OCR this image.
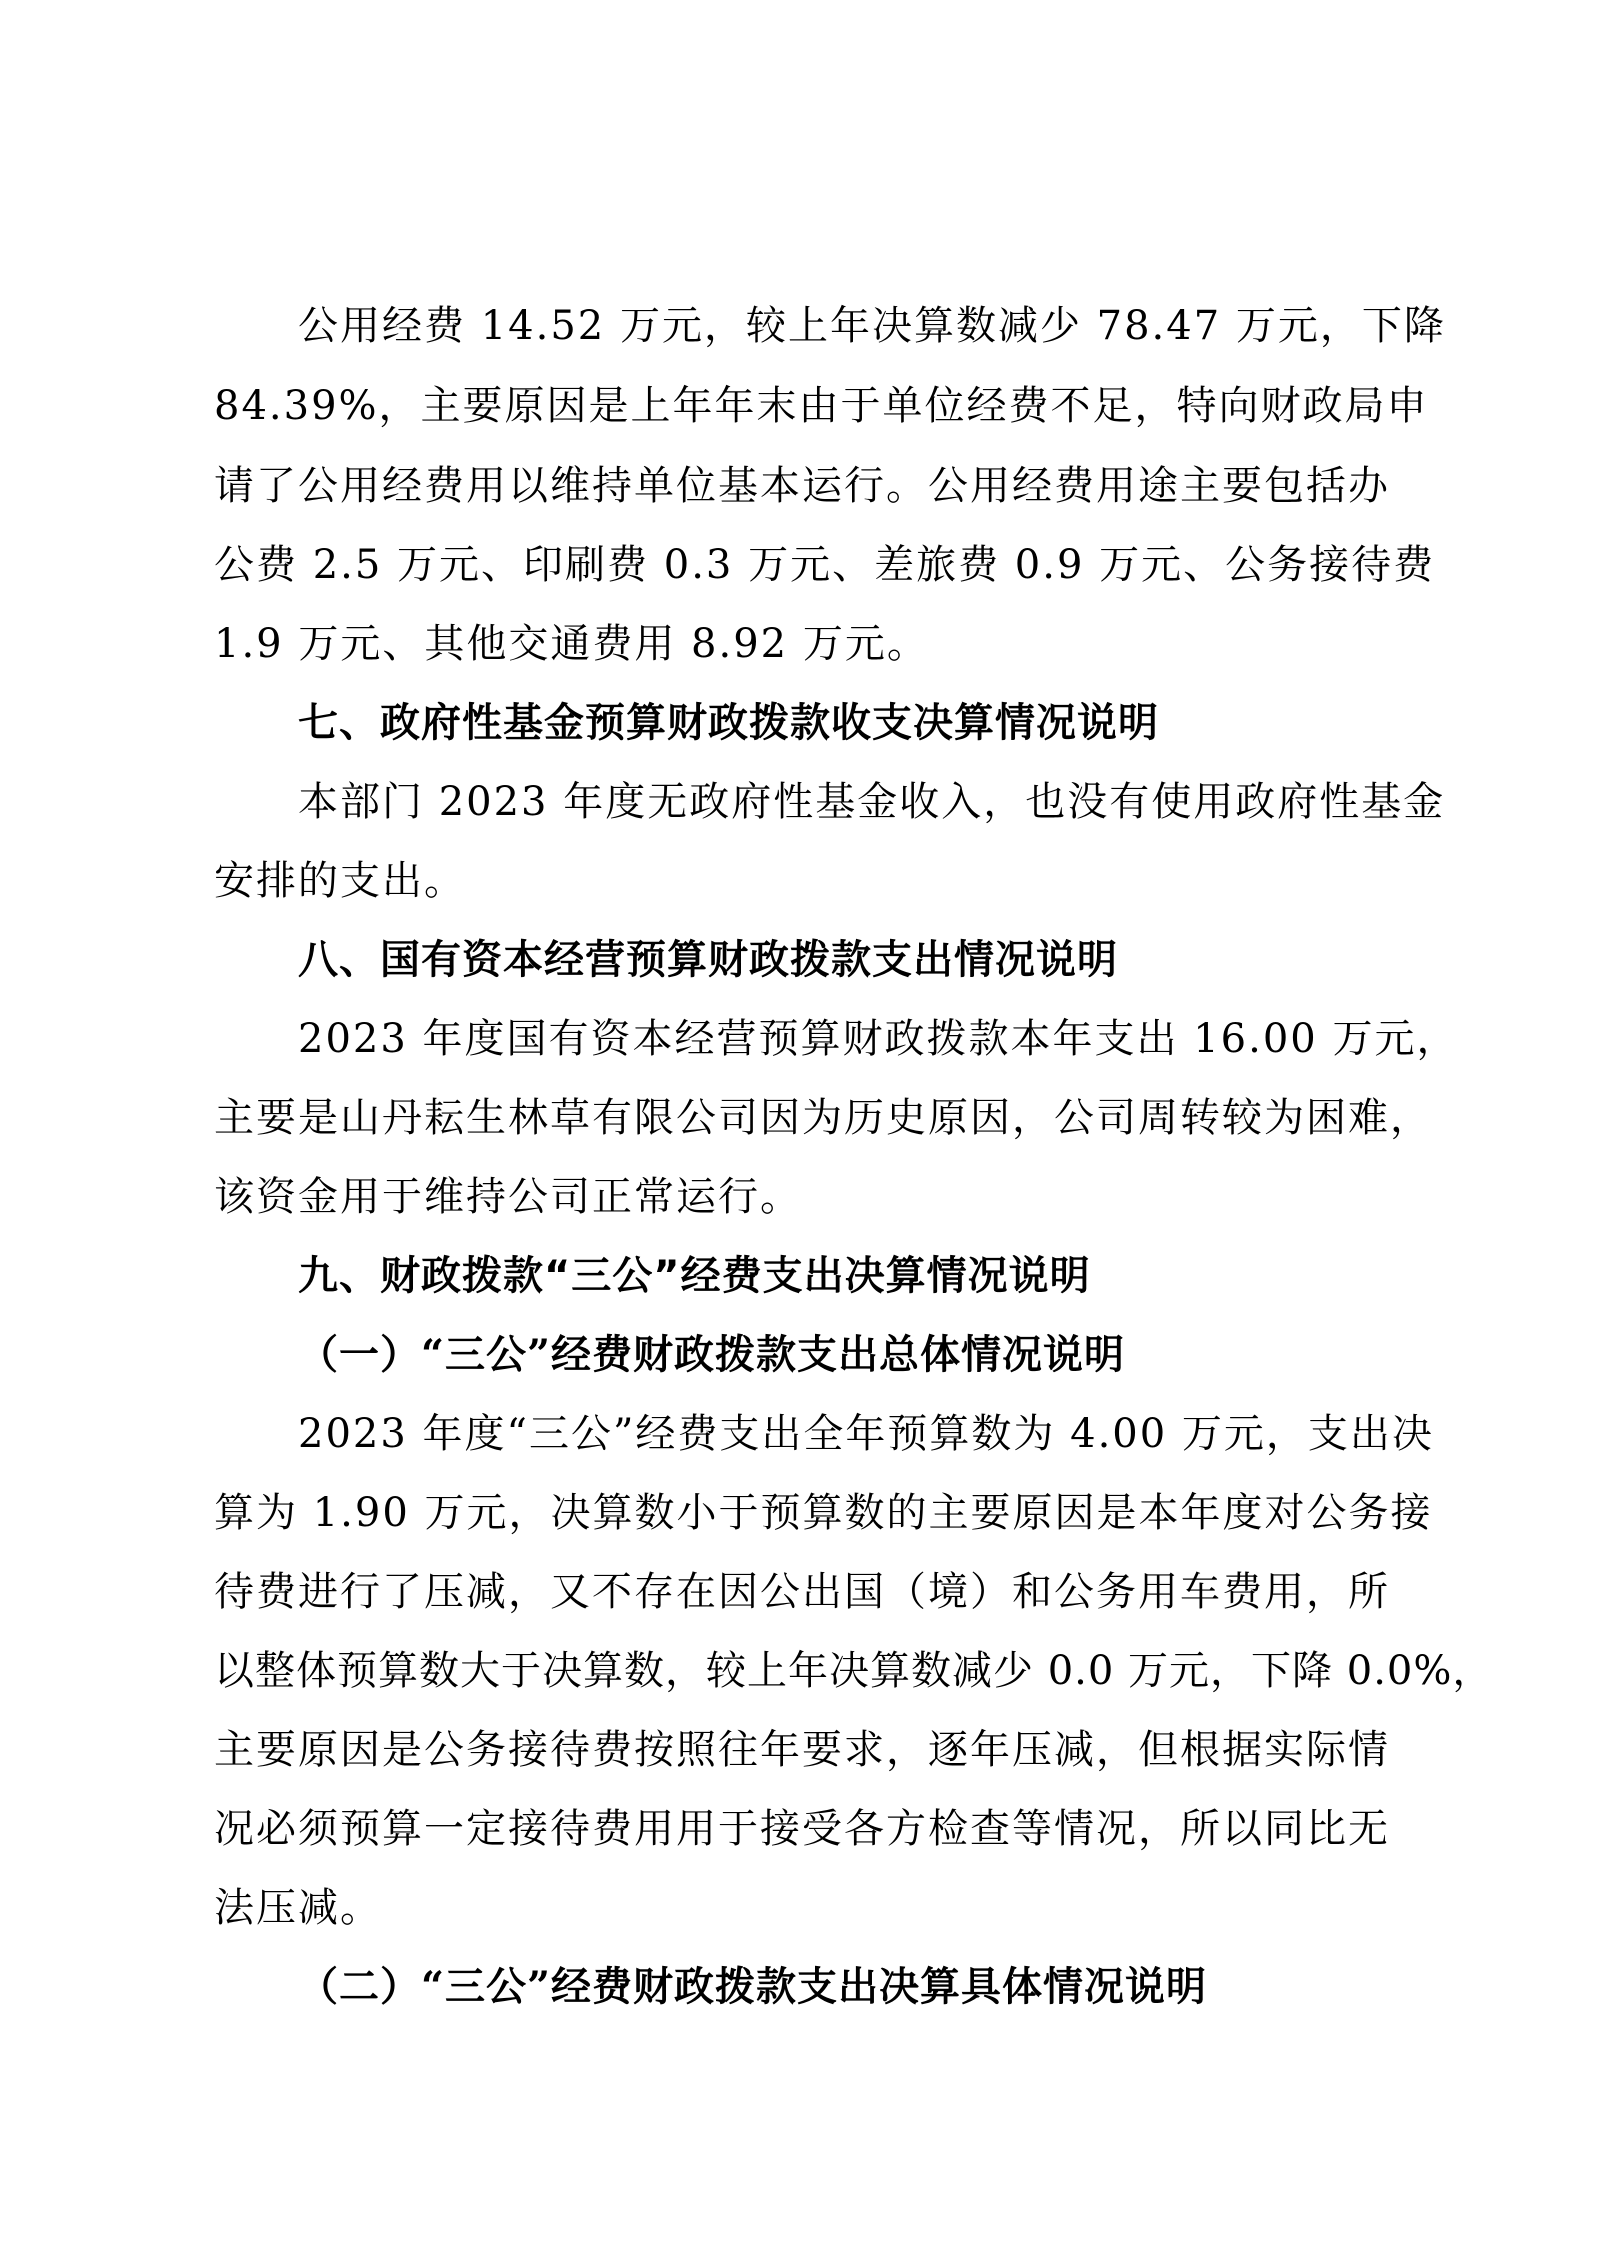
公用经费 14.52 万元，较上年决算数减少 78.47 万元，下降
84.39%，主要原因是上年年末由于单位经费不足，特向财政局申
请了公用经费用以维持单位基本运行。公用经费用途主要包括办
公费 2.5 万元、印刷费 0.3 万元、差旅费 0.9 万元、公务接待费
1.9 万元、其他交通费用 8.92 万元。
七、政府性基金预算财政拨款收支决算情况说明
本部门 2023 年度无政府性基金收入，也没有使用政府性基金
安排的支出。
八、国有资本经营预算财政拨款支出情况说明
2023 年度国有资本经营预算财政拨款本年支出 16.00 万元，
主要是山丹耘生林草有限公司因为历史原因，公司周转较为困难，
该资金用于维持公司正常运行。
九、财政拨款“三公”经费支出决算情况说明
（一）“三公”经费财政拨款支出总体情况说明
2023 年度“三公”经费支出全年预算数为 4.00 万元，支出决
算为 1.90 万元，决算数小于预算数的主要原因是本年度对公务接
待费进行了压减，又不存在因公出国（境）和公务用车费用，所
以整体预算数大于决算数，较上年决算数减少 0.0 万元，下降 0.0%，
主要原因是公务接待费按照往年要求，逐年压减，但根据实际情
况必须预算一定接待费用用于接受各方检查等情况，所以同比无
法压减。
（二）“三公”经费财政拨款支出决算具体情况说明
